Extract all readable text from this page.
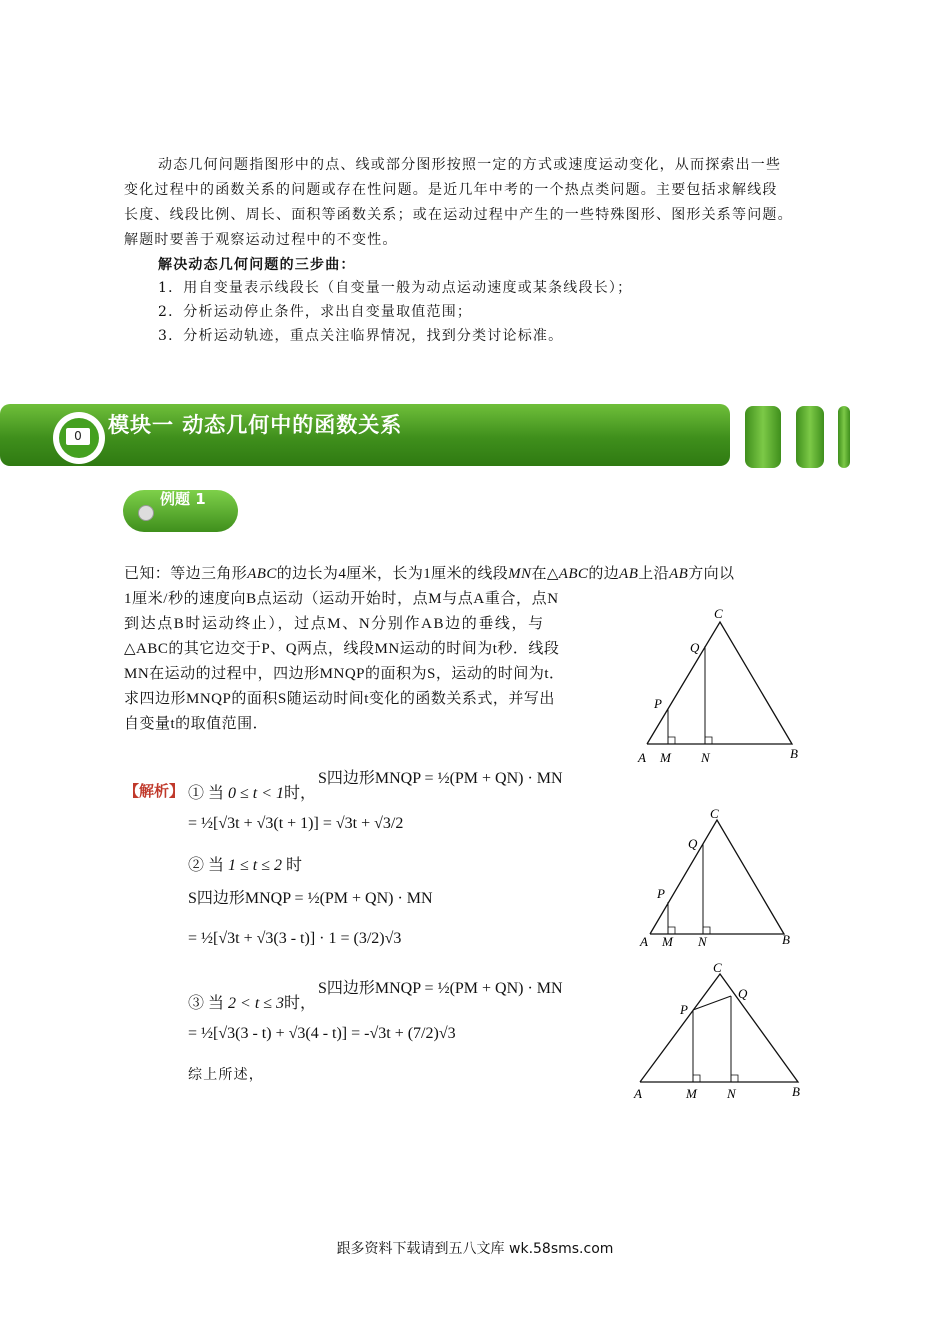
动态几何问题指图形中的点、线或部分图形按照一定的方式或速度运动变化，从而探索出一些
变化过程中的函数关系的问题或存在性问题。是近几年中考的一个热点类问题。主要包括求解线段
长度、线段比例、周长、面积等函数关系；或在运动过程中产生的一些特殊图形、图形关系等问题。
解题时要善于观察运动过程中的不变性。
解决动态几何问题的三步曲：
1．用自变量表示线段长（自变量一般为动点运动速度或某条线段长）；
2．分析运动停止条件，求出自变量取值范围；
3．分析运动轨迹，重点关注临界情况，找到分类讨论标准。
0	模块一 动态几何中的函数关系
例题 1
已知：等边三角形ABC的边长为4厘米，长为1厘米的线段MN在△ABC的边AB上沿AB方向以
1厘米/秒的速度向B点运动（运动开始时，点M与点A重合，点N
到达点B时运动终止），过点M、N分别作AB边的垂线，与
△ABC的其它边交于P、Q两点，线段MN运动的时间为t秒．线段
MN在运动的过程中，四边形MNQP的面积为S，运动的时间为t．
求四边形MNQP的面积S随运动时间t变化的函数关系式，并写出
自变量t的取值范围．
【解析】 ① 当 0 ≤ t < 1时，
S四边形MNQP = ½(PM + QN) · MN
= ½[√3t + √3(t + 1)] = √3t + √3/2
② 当 1 ≤ t ≤ 2 时
S四边形MNQP = ½(PM + QN) · MN
= ½[√3t + √3(3 - t)] · 1 = (3/2)√3
③ 当 2 < t ≤ 3时，
S四边形MNQP = ½(PM + QN) · MN
= ½[√3(3 - t) + √3(4 - t)] = -√3t + (7/2)√3
综上所述，
A M N	B
P
Q
C
A M N	B
P
Q
C
A	M N	B
P
Q
C
跟多资料下载请到五八文库 wk.58sms.com
